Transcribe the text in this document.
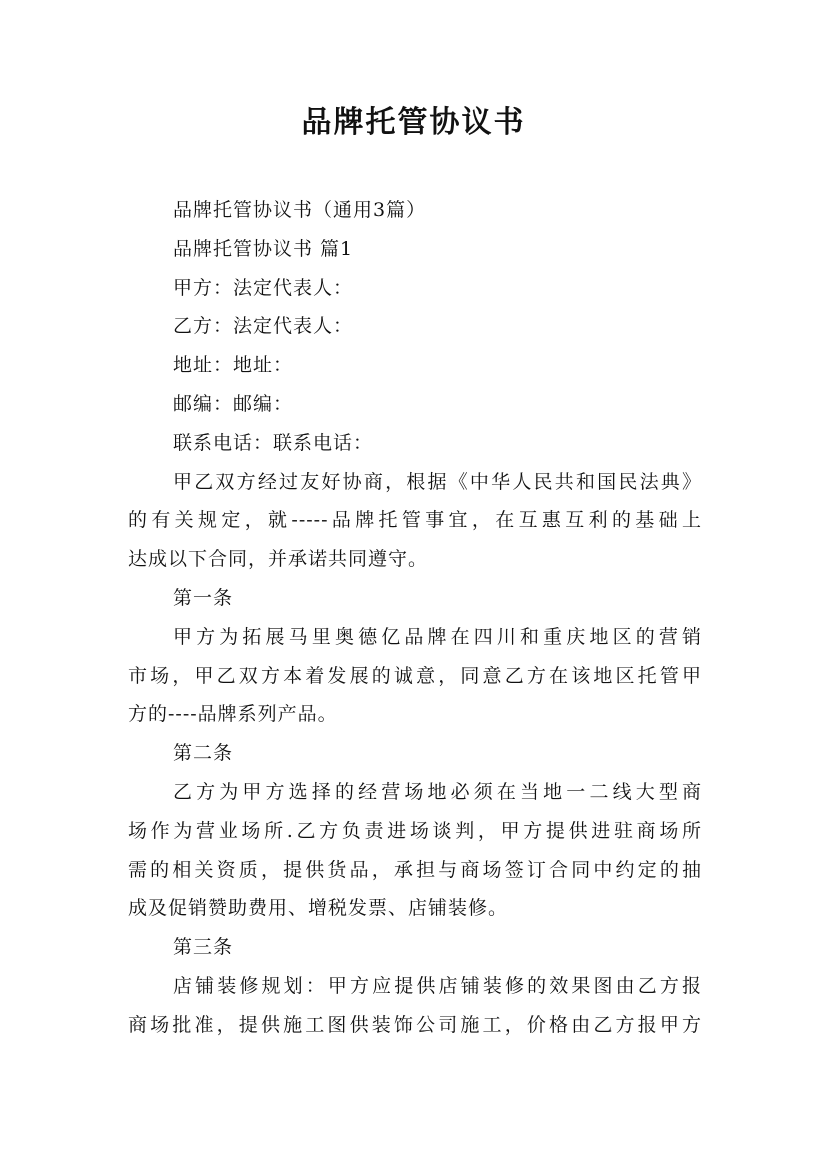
品牌托管协议书
品牌托管协议书（通用3篇）
品牌托管协议书 篇1
甲方：法定代表人：
乙方：法定代表人：
地址：地址：
邮编：邮编：
联系电话：联系电话：
甲乙双方经过友好协商，根据《中华人民共和国民法典》
的有关规定，就-----品牌托管事宜，在互惠互利的基础上
达成以下合同，并承诺共同遵守。
第一条
甲方为拓展马里奥德亿品牌在四川和重庆地区的营销
市场，甲乙双方本着发展的诚意，同意乙方在该地区托管甲
方的----品牌系列产品。
第二条
乙方为甲方选择的经营场地必须在当地一二线大型商
场作为营业场所.乙方负责进场谈判，甲方提供进驻商场所
需的相关资质，提供货品，承担与商场签订合同中约定的抽
成及促销赞助费用、增税发票、店铺装修。
第三条
店铺装修规划：甲方应提供店铺装修的效果图由乙方报
商场批准，提供施工图供装饰公司施工，价格由乙方报甲方
